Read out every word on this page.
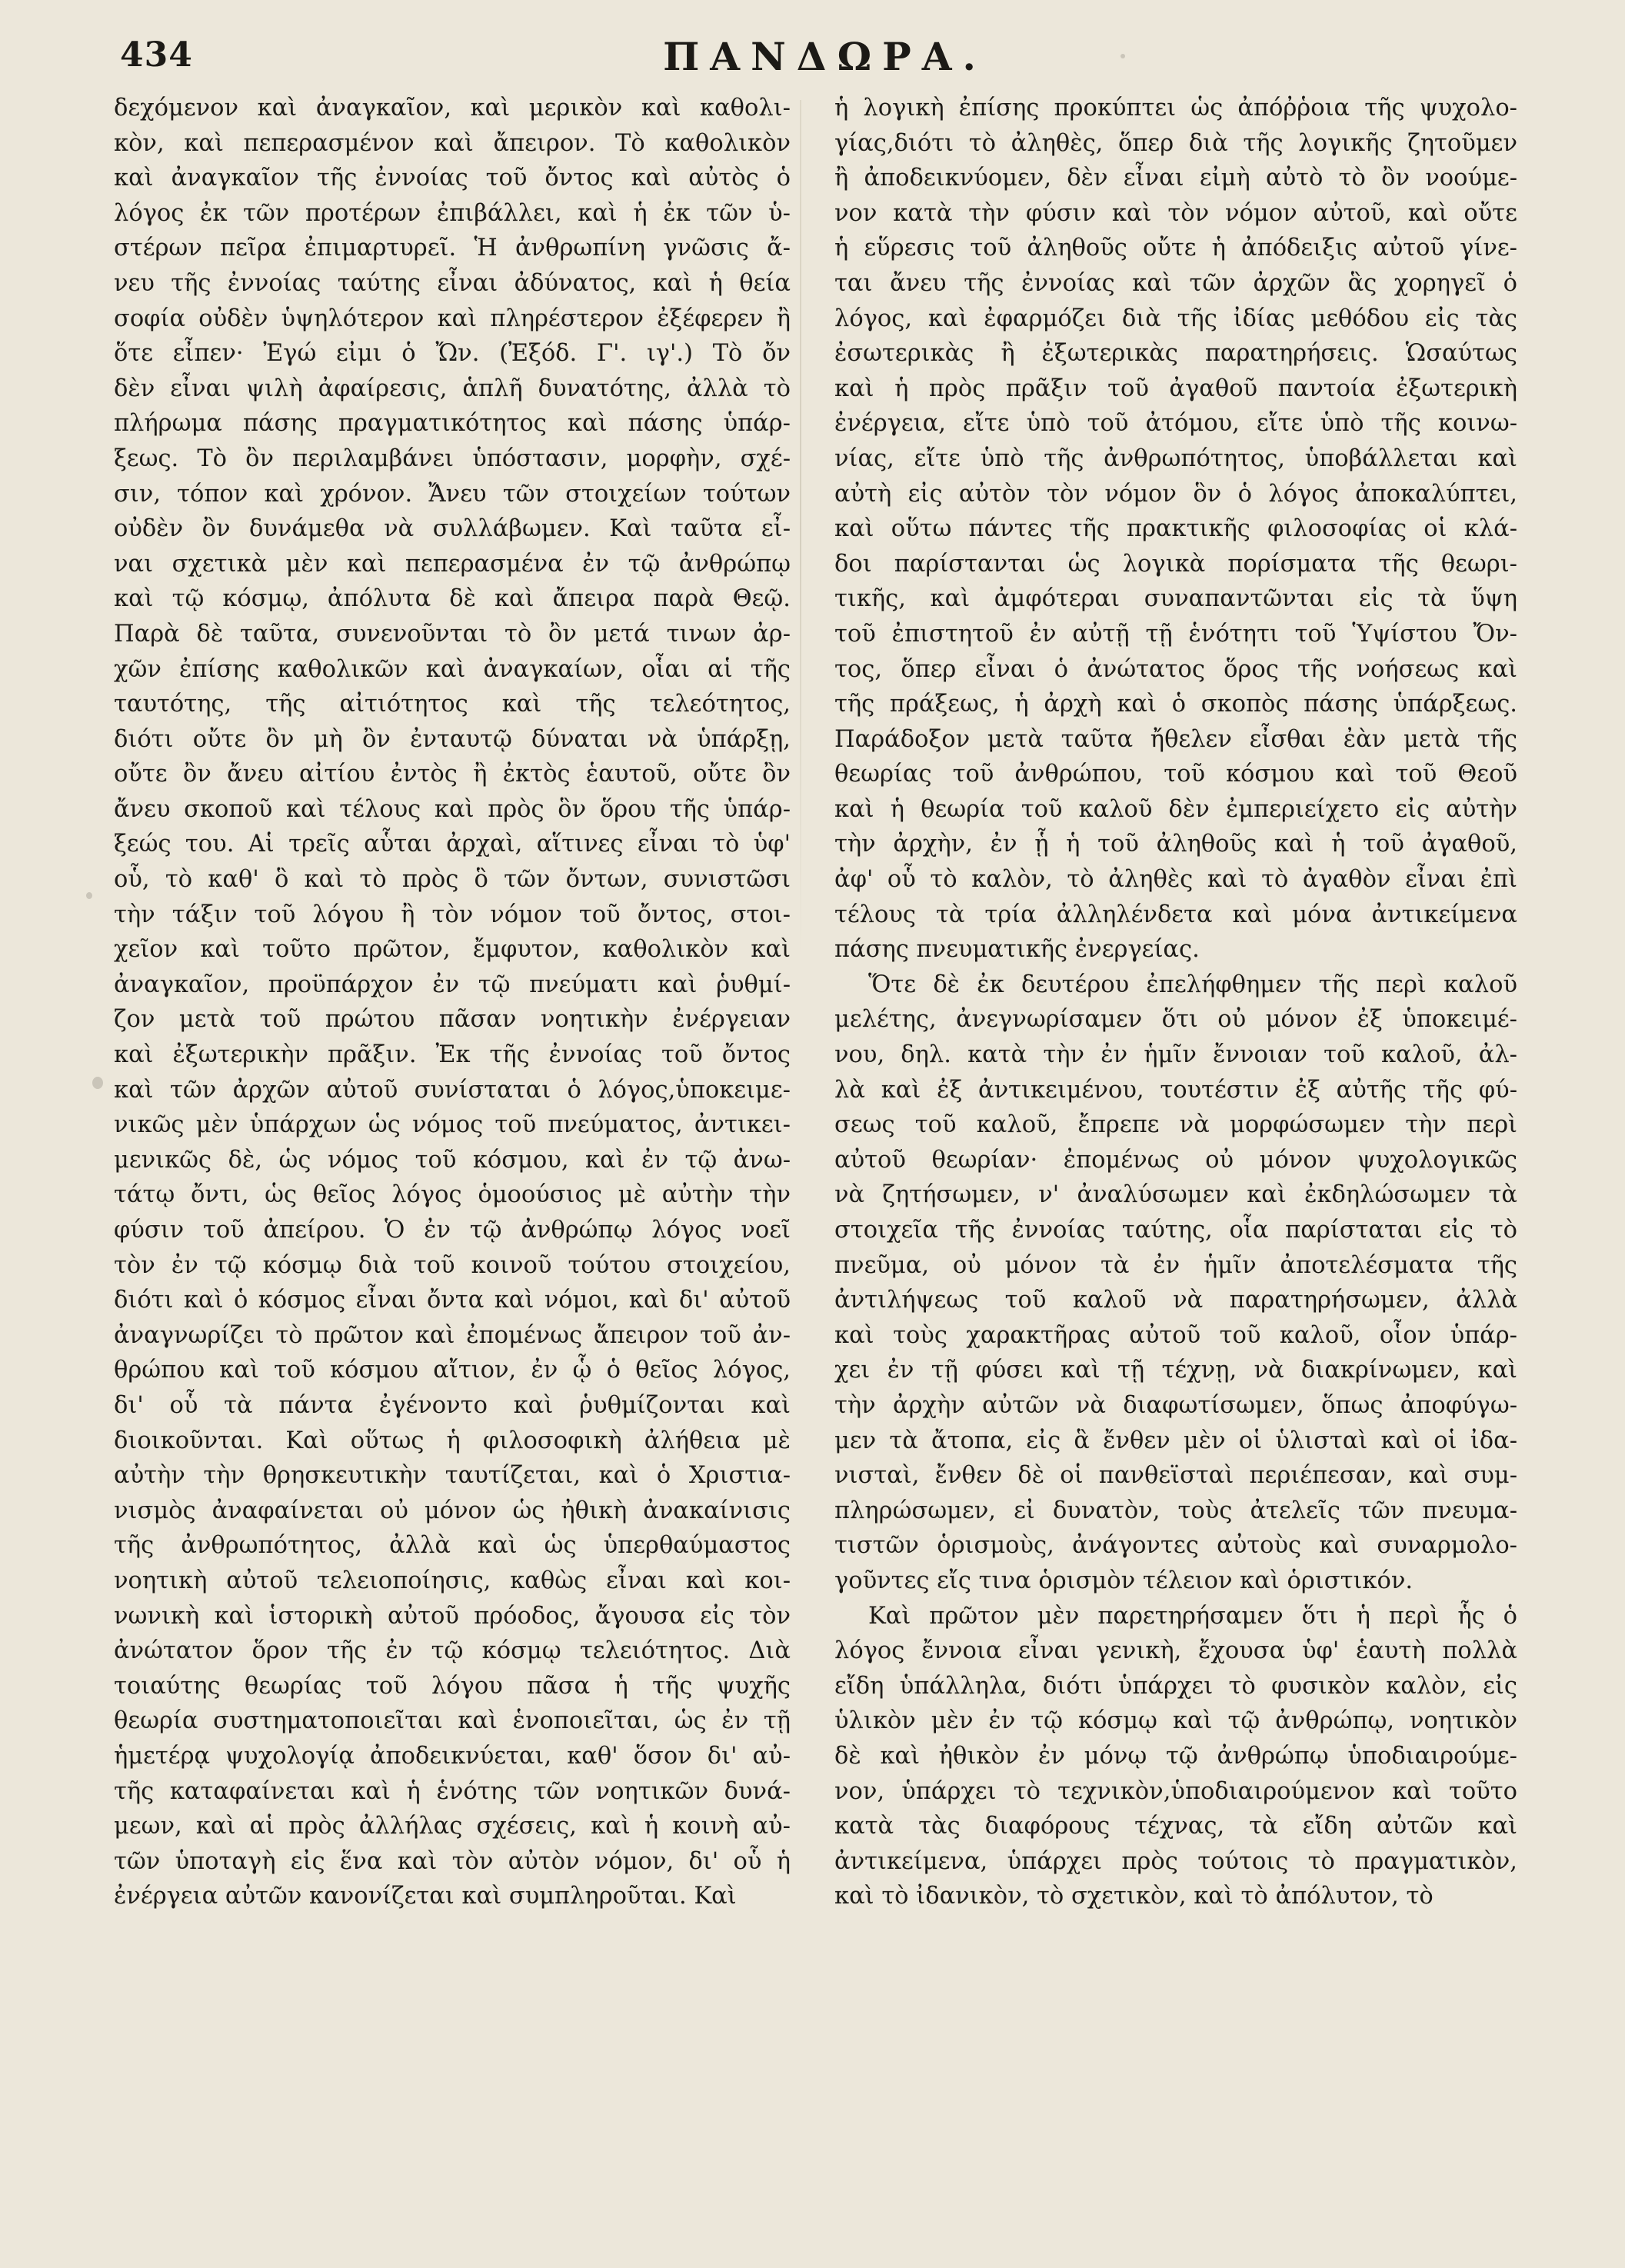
434	ΠΑΝΔΩΡΑ.
δεχόμενον καὶ ἀναγκαῖον, καὶ μερικὸν καὶ καθολι-
κὸν, καὶ πεπερασμένον καὶ ἄπειρον. Τὸ καθολικὸν
καὶ ἀναγκαῖον τῆς ἐννοίας τοῦ ὄντος καὶ αὐτὸς ὁ
λόγος ἐκ τῶν προτέρων ἐπιβάλλει, καὶ ἡ ἐκ τῶν ὑ-
στέρων πεῖρα ἐπιμαρτυρεῖ. Ἡ ἀνθρωπίνη γνῶσις ἄ-
νευ τῆς ἐννοίας ταύτης εἶναι ἀδύνατος, καὶ ἡ θεία
σοφία οὐδὲν ὑψηλότερον καὶ πληρέστερον ἐξέφερεν ἢ
ὅτε εἶπεν· Ἐγώ εἰμι ὁ Ὤν. (Ἐξόδ. Γ'. ιγ'.) Τὸ ὄν
δὲν εἶναι ψιλὴ ἀφαίρεσις, ἁπλῆ δυνατότης, ἀλλὰ τὸ
πλήρωμα πάσης πραγματικότητος καὶ πάσης ὑπάρ-
ξεως. Τὸ ὂν περιλαμβάνει ὑπόστασιν, μορφὴν, σχέ-
σιν, τόπον καὶ χρόνον. Ἄνευ τῶν στοιχείων τούτων
οὐδὲν ὂν δυνάμεθα νὰ συλλάβωμεν. Καὶ ταῦτα εἶ-
ναι σχετικὰ μὲν καὶ πεπερασμένα ἐν τῷ ἀνθρώπῳ
καὶ τῷ κόσμῳ, ἀπόλυτα δὲ καὶ ἄπειρα παρὰ Θεῷ.
Παρὰ δὲ ταῦτα, συνενοῦνται τὸ ὂν μετά τινων ἀρ-
χῶν ἐπίσης καθολικῶν καὶ ἀναγκαίων, οἷαι αἱ τῆς
ταυτότης, τῆς αἰτιότητος καὶ τῆς τελεότητος,
διότι οὔτε ὂν μὴ ὂν ἐνταυτῷ δύναται νὰ ὑπάρξῃ,
οὔτε ὂν ἄνευ αἰτίου ἐντὸς ἢ ἐκτὸς ἑαυτοῦ, οὔτε ὂν
ἄνευ σκοποῦ καὶ τέλους καὶ πρὸς ὃν ὅρου τῆς ὑπάρ-
ξεώς του. Αἱ τρεῖς αὗται ἀρχαὶ, αἵτινες εἶναι τὸ ὑφ'
οὗ, τὸ καθ' ὃ καὶ τὸ πρὸς ὃ τῶν ὄντων, συνιστῶσι
τὴν τάξιν τοῦ λόγου ἢ τὸν νόμον τοῦ ὄντος, στοι-
χεῖον καὶ τοῦτο πρῶτον, ἔμφυτον, καθολικὸν καὶ
ἀναγκαῖον, προϋπάρχον ἐν τῷ πνεύματι καὶ ῥυθμί-
ζον μετὰ τοῦ πρώτου πᾶσαν νοητικὴν ἐνέργειαν
καὶ ἐξωτερικὴν πρᾶξιν. Ἐκ τῆς ἐννοίας τοῦ ὄντος
καὶ τῶν ἀρχῶν αὐτοῦ συνίσταται ὁ λόγος,ὑποκειμε-
νικῶς μὲν ὑπάρχων ὡς νόμος τοῦ πνεύματος, ἀντικει-
μενικῶς δὲ, ὡς νόμος τοῦ κόσμου, καὶ ἐν τῷ ἀνω-
τάτῳ ὄντι, ὡς θεῖος λόγος ὁμοούσιος μὲ αὐτὴν τὴν
φύσιν τοῦ ἀπείρου. Ὁ ἐν τῷ ἀνθρώπῳ λόγος νοεῖ
τὸν ἐν τῷ κόσμῳ διὰ τοῦ κοινοῦ τούτου στοιχείου,
διότι καὶ ὁ κόσμος εἶναι ὄντα καὶ νόμοι, καὶ δι' αὐτοῦ
ἀναγνωρίζει τὸ πρῶτον καὶ ἐπομένως ἄπειρον τοῦ ἀν-
θρώπου καὶ τοῦ κόσμου αἴτιον, ἐν ᾧ ὁ θεῖος λόγος,
δι' οὗ τὰ πάντα ἐγένοντο καὶ ῥυθμίζονται καὶ
διοικοῦνται. Καὶ οὕτως ἡ φιλοσοφικὴ ἀλήθεια μὲ
αὐτὴν τὴν θρησκευτικὴν ταυτίζεται, καὶ ὁ Χριστια-
νισμὸς ἀναφαίνεται οὐ μόνον ὡς ἠθικὴ ἀνακαίνισις
τῆς ἀνθρωπότητος, ἀλλὰ καὶ ὡς ὑπερθαύμαστος
νοητικὴ αὐτοῦ τελειοποίησις, καθὼς εἶναι καὶ κοι-
νωνικὴ καὶ ἱστορικὴ αὐτοῦ πρόοδος, ἄγουσα εἰς τὸν
ἀνώτατον ὅρον τῆς ἐν τῷ κόσμῳ τελειότητος. Διὰ
τοιαύτης θεωρίας τοῦ λόγου πᾶσα ἡ τῆς ψυχῆς
θεωρία συστηματοποιεῖται καὶ ἑνοποιεῖται, ὡς ἐν τῇ
ἡμετέρᾳ ψυχολογίᾳ ἀποδεικνύεται, καθ' ὅσον δι' αὐ-
τῆς καταφαίνεται καὶ ἡ ἑνότης τῶν νοητικῶν δυνά-
μεων, καὶ αἱ πρὸς ἀλλήλας σχέσεις, καὶ ἡ κοινὴ αὐ-
τῶν ὑποταγὴ εἰς ἕνα καὶ τὸν αὐτὸν νόμον, δι' οὗ ἡ
ἐνέργεια αὐτῶν κανονίζεται καὶ συμπληροῦται. Καὶ
ἡ λογικὴ ἐπίσης προκύπτει ὡς ἀπόῤῥοια τῆς ψυχολο-
γίας,διότι τὸ ἀληθὲς, ὅπερ διὰ τῆς λογικῆς ζητοῦμεν
ἢ ἀποδεικνύομεν, δὲν εἶναι εἰμὴ αὐτὸ τὸ ὂν νοούμε-
νον κατὰ τὴν φύσιν καὶ τὸν νόμον αὐτοῦ, καὶ οὔτε
ἡ εὕρεσις τοῦ ἀληθοῦς οὔτε ἡ ἀπόδειξις αὐτοῦ γίνε-
ται ἄνευ τῆς ἐννοίας καὶ τῶν ἀρχῶν ἃς χορηγεῖ ὁ
λόγος, καὶ ἐφαρμόζει διὰ τῆς ἰδίας μεθόδου εἰς τὰς
ἐσωτερικὰς ἢ ἐξωτερικὰς παρατηρήσεις. Ὡσαύτως
καὶ ἡ πρὸς πρᾶξιν τοῦ ἀγαθοῦ παντοία ἐξωτερικὴ
ἐνέργεια, εἴτε ὑπὸ τοῦ ἀτόμου, εἴτε ὑπὸ τῆς κοινω-
νίας, εἴτε ὑπὸ τῆς ἀνθρωπότητος, ὑποβάλλεται καὶ
αὐτὴ εἰς αὐτὸν τὸν νόμον ὃν ὁ λόγος ἀποκαλύπτει,
καὶ οὕτω πάντες τῆς πρακτικῆς φιλοσοφίας οἱ κλά-
δοι παρίστανται ὡς λογικὰ πορίσματα τῆς θεωρι-
τικῆς, καὶ ἀμφότεραι συναπαντῶνται εἰς τὰ ὕψη
τοῦ ἐπιστητοῦ ἐν αὐτῇ τῇ ἑνότητι τοῦ Ὑψίστου Ὄν-
τος, ὅπερ εἶναι ὁ ἀνώτατος ὅρος τῆς νοήσεως καὶ
τῆς πράξεως, ἡ ἀρχὴ καὶ ὁ σκοπὸς πάσης ὑπάρξεως.
Παράδοξον μετὰ ταῦτα ἤθελεν εἶσθαι ἐὰν μετὰ τῆς
θεωρίας τοῦ ἀνθρώπου, τοῦ κόσμου καὶ τοῦ Θεοῦ
καὶ ἡ θεωρία τοῦ καλοῦ δὲν ἐμπεριείχετο εἰς αὐτὴν
τὴν ἀρχὴν, ἐν ᾗ ἡ τοῦ ἀληθοῦς καὶ ἡ τοῦ ἀγαθοῦ,
ἀφ' οὗ τὸ καλὸν, τὸ ἀληθὲς καὶ τὸ ἀγαθὸν εἶναι ἐπὶ
τέλους τὰ τρία ἀλληλένδετα καὶ μόνα ἀντικείμενα
πάσης πνευματικῆς ἐνεργείας.
Ὅτε δὲ ἐκ δευτέρου ἐπελήφθημεν τῆς περὶ καλοῦ
μελέτης, ἀνεγνωρίσαμεν ὅτι οὐ μόνον ἐξ ὑποκειμέ-
νου, δηλ. κατὰ τὴν ἐν ἡμῖν ἔννοιαν τοῦ καλοῦ, ἀλ-
λὰ καὶ ἐξ ἀντικειμένου, τουτέστιν ἐξ αὐτῆς τῆς φύ-
σεως τοῦ καλοῦ, ἔπρεπε νὰ μορφώσωμεν τὴν περὶ
αὐτοῦ θεωρίαν· ἐπομένως οὐ μόνον ψυχολογικῶς
νὰ ζητήσωμεν, ν' ἀναλύσωμεν καὶ ἐκδηλώσωμεν τὰ
στοιχεῖα τῆς ἐννοίας ταύτης, οἷα παρίσταται εἰς τὸ
πνεῦμα, οὐ μόνον τὰ ἐν ἡμῖν ἀποτελέσματα τῆς
ἀντιλήψεως τοῦ καλοῦ νὰ παρατηρήσωμεν, ἀλλὰ
καὶ τοὺς χαρακτῆρας αὐτοῦ τοῦ καλοῦ, οἷον ὑπάρ-
χει ἐν τῇ φύσει καὶ τῇ τέχνῃ, νὰ διακρίνωμεν, καὶ
τὴν ἀρχὴν αὐτῶν νὰ διαφωτίσωμεν, ὅπως ἀποφύγω-
μεν τὰ ἄτοπα, εἰς ἃ ἔνθεν μὲν οἱ ὑλισταὶ καὶ οἱ ἰδα-
νισταὶ, ἔνθεν δὲ οἱ πανθεϊσταὶ περιέπεσαν, καὶ συμ-
πληρώσωμεν, εἰ δυνατὸν, τοὺς ἀτελεῖς τῶν πνευμα-
τιστῶν ὁρισμοὺς, ἀνάγοντες αὐτοὺς καὶ συναρμολο-
γοῦντες εἴς τινα ὁρισμὸν τέλειον καὶ ὁριστικόν.
Καὶ πρῶτον μὲν παρετηρήσαμεν ὅτι ἡ περὶ ἧς ὁ
λόγος ἔννοια εἶναι γενικὴ, ἔχουσα ὑφ' ἑαυτὴ πολλὰ
εἴδη ὑπάλληλα, διότι ὑπάρχει τὸ φυσικὸν καλὸν, εἰς
ὑλικὸν μὲν ἐν τῷ κόσμῳ καὶ τῷ ἀνθρώπῳ, νοητικὸν
δὲ καὶ ἠθικὸν ἐν μόνῳ τῷ ἀνθρώπῳ ὑποδιαιρούμε-
νον, ὑπάρχει τὸ τεχνικὸν,ὑποδιαιρούμενον καὶ τοῦτο
κατὰ τὰς διαφόρους τέχνας, τὰ εἴδη αὐτῶν καὶ
ἀντικείμενα, ὑπάρχει πρὸς τούτοις τὸ πραγματικὸν,
καὶ τὸ ἰδανικὸν, τὸ σχετικὸν, καὶ τὸ ἀπόλυτον, τὸ
